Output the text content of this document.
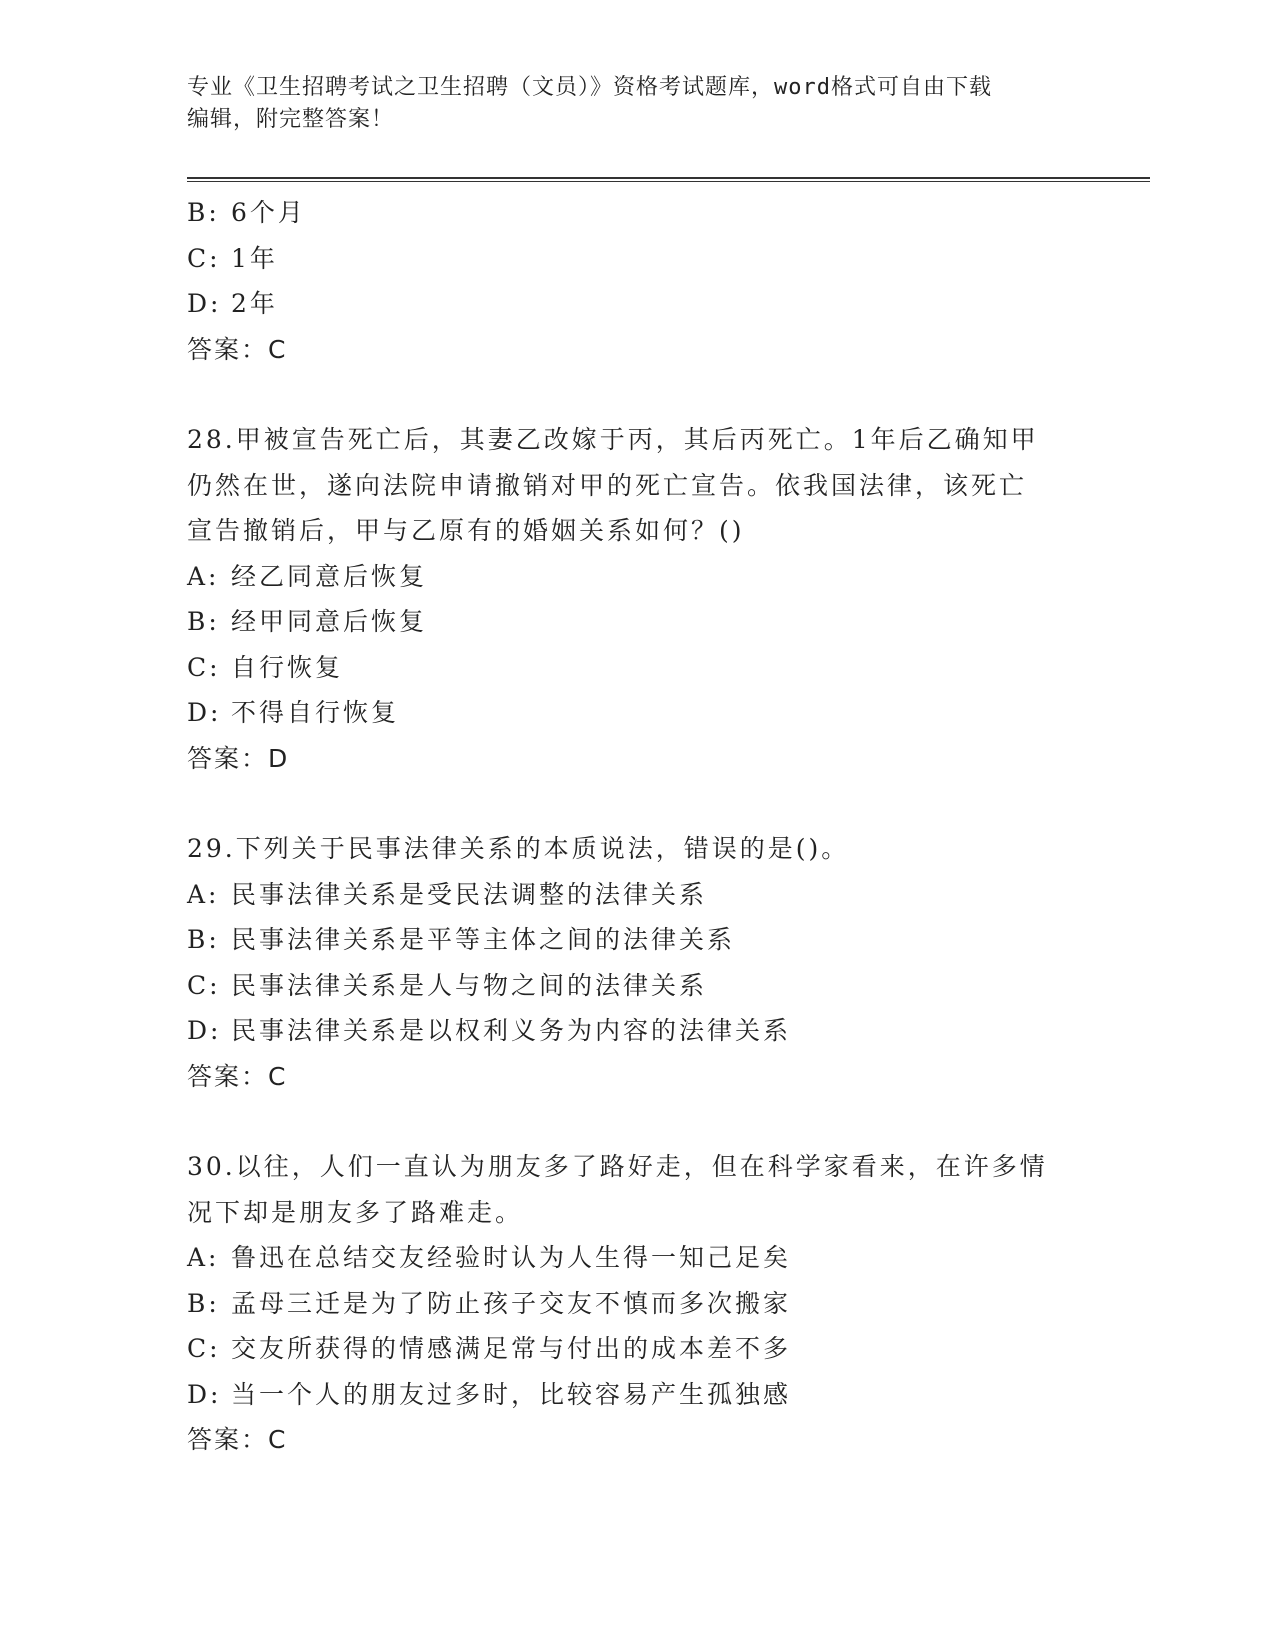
专业《卫生招聘考试之卫生招聘（文员）》资格考试题库，word格式可自由下载
编辑，附完整答案！
B: 6个月
C: 1年
D: 2年
答案：C
28.甲被宣告死亡后，其妻乙改嫁于丙，其后丙死亡。1年后乙确知甲
仍然在世，遂向法院申请撤销对甲的死亡宣告。依我国法律，该死亡
宣告撤销后，甲与乙原有的婚姻关系如何？()
A: 经乙同意后恢复
B: 经甲同意后恢复
C: 自行恢复
D: 不得自行恢复
答案：D
29.下列关于民事法律关系的本质说法，错误的是()。
A: 民事法律关系是受民法调整的法律关系
B: 民事法律关系是平等主体之间的法律关系
C: 民事法律关系是人与物之间的法律关系
D: 民事法律关系是以权利义务为内容的法律关系
答案：C
30.以往，人们一直认为朋友多了路好走，但在科学家看来，在许多情
况下却是朋友多了路难走。
A: 鲁迅在总结交友经验时认为人生得一知己足矣
B: 孟母三迁是为了防止孩子交友不慎而多次搬家
C: 交友所获得的情感满足常与付出的成本差不多
D: 当一个人的朋友过多时，比较容易产生孤独感
答案：C
